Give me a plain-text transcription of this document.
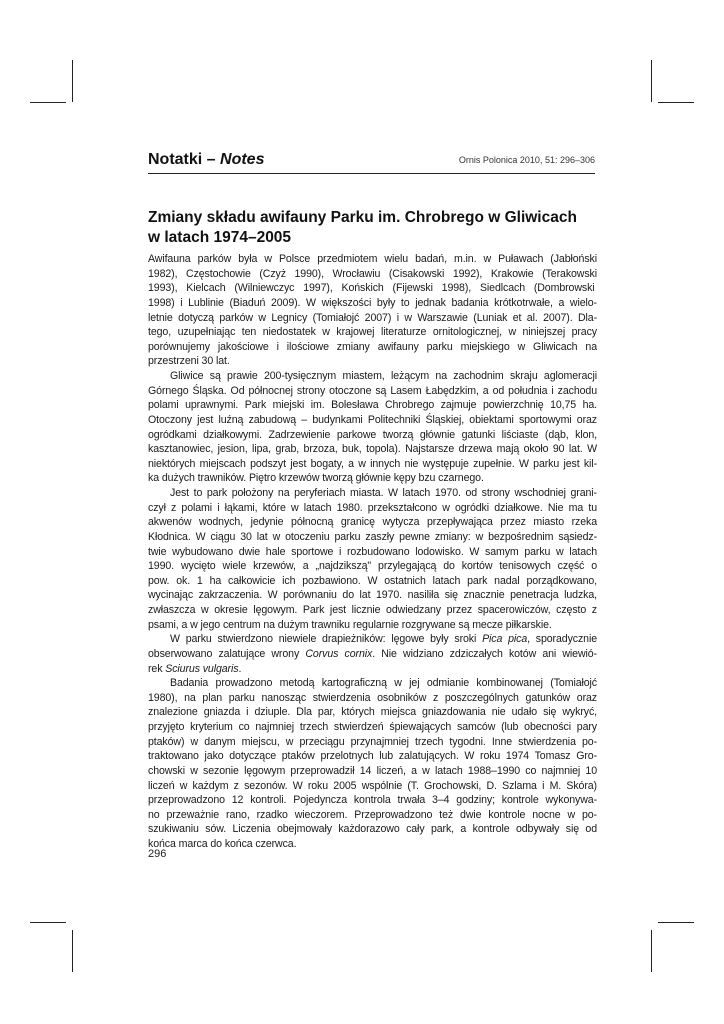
Notatki – Notes	Ornis Polonica 2010, 51: 296–306
Zmiany składu awifauny Parku im. Chrobrego w Gliwicach
w latach 1974–2005
Awifauna parków była w Polsce przedmiotem wielu badań, m.in. w Puławach (Jabłoński
1982), Częstochowie (Czyż 1990), Wrocławiu (Cisakowski 1992), Krakowie (Terakowski
1993), Kielcach (Wilniewczyc 1997), Końskich (Fijewski 1998), Siedlcach (Dombrowski
1998) i Lublinie (Biaduń 2009). W większości były to jednak badania krótkotrwałe, a wielo-
letnie dotyczą parków w Legnicy (Tomiałojć 2007) i w Warszawie (Luniak et al. 2007). Dla-
tego, uzupełniając ten niedostatek w krajowej literaturze ornitologicznej, w niniejszej pracy
porównujemy jakościowe i ilościowe zmiany awifauny parku miejskiego w Gliwicach na
przestrzeni 30 lat.
Gliwice są prawie 200-tysięcznym miastem, leżącym na zachodnim skraju aglomeracji
Górnego Śląska. Od północnej strony otoczone są Lasem Łabędzkim, a od południa i zachodu
polami uprawnymi. Park miejski im. Bolesława Chrobrego zajmuje powierzchnię 10,75 ha.
Otoczony jest luźną zabudową – budynkami Politechniki Śląskiej, obiektami sportowymi oraz
ogródkami działkowymi. Zadrzewienie parkowe tworzą głównie gatunki liściaste (dąb, klon,
kasztanowiec, jesion, lipa, grab, brzoza, buk, topola). Najstarsze drzewa mają około 90 lat. W
niektórych miejscach podszyt jest bogaty, a w innych nie występuje zupełnie. W parku jest kil-
ka dużych trawników. Piętro krzewów tworzą głównie kępy bzu czarnego.
Jest to park położony na peryferiach miasta. W latach 1970. od strony wschodniej grani-
czył z polami i łąkami, które w latach 1980. przekształcono w ogródki działkowe. Nie ma tu
akwenów wodnych, jedynie północną granicę wytycza przepływająca przez miasto rzeka
Kłodnica. W ciągu 30 lat w otoczeniu parku zaszły pewne zmiany: w bezpośrednim sąsiedz-
twie wybudowano dwie hale sportowe i rozbudowano lodowisko. W samym parku w latach
1990. wycięto wiele krzewów, a „najdzikszą" przylegającą do kortów tenisowych część o
pow. ok. 1 ha całkowicie ich pozbawiono. W ostatnich latach park nadal porządkowano,
wycinając zakrzaczenia. W porównaniu do lat 1970. nasiliła się znacznie penetracja ludzka,
zwłaszcza w okresie lęgowym. Park jest licznie odwiedzany przez spacerowiczów, często z
psami, a w jego centrum na dużym trawniku regularnie rozgrywane są mecze piłkarskie.
W parku stwierdzono niewiele drapieżników: lęgowe były sroki Pica pica, sporadycznie
obserwowano zalatujące wrony Corvus cornix. Nie widziano zdziczałych kotów ani wiewió-
rek Sciurus vulgaris.
Badania prowadzono metodą kartograficzną w jej odmianie kombinowanej (Tomiałojć
1980), na plan parku nanosząc stwierdzenia osobników z poszczególnych gatunków oraz
znalezione gniazda i dziuple. Dla par, których miejsca gniazdowania nie udało się wykryć,
przyjęto kryterium co najmniej trzech stwierdzeń śpiewających samców (lub obecności pary
ptaków) w danym miejscu, w przeciągu przynajmniej trzech tygodni. Inne stwierdzenia po-
traktowano jako dotyczące ptaków przelotnych lub zalatujących. W roku 1974 Tomasz Gro-
chowski w sezonie lęgowym przeprowadził 14 liczeń, a w latach 1988–1990 co najmniej 10
liczeń w każdym z sezonów. W roku 2005 wspólnie (T. Grochowski, D. Szlama i M. Skóra)
przeprowadzono 12 kontroli. Pojedyncza kontrola trwała 3–4 godziny; kontrole wykonywa-
no przeważnie rano, rzadko wieczorem. Przeprowadzono też dwie kontrole nocne w po-
szukiwaniu sów. Liczenia obejmowały każdorazowo cały park, a kontrole odbywały się od
końca marca do końca czerwca.
296
